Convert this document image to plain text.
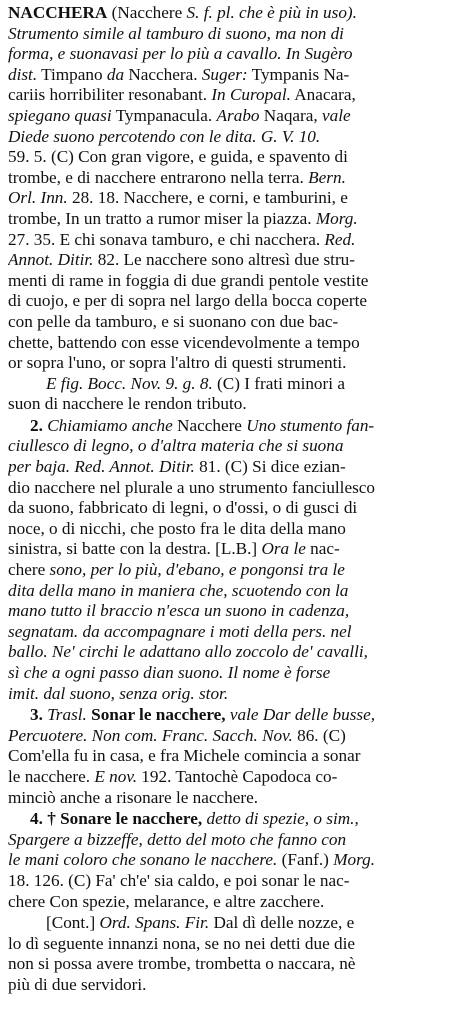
NACCHERA (Nacchere S. f. pl. che è più in uso).
Strumento simile al tamburo di suono, ma non di
forma, e suonavasi per lo più a cavallo. In Sugèro
dist. Timpano da Nacchera. Suger: Tympanis Na-
cariis horribiliter resonabant. In Curopal. Anacara,
spiegano quasi Tympanacula. Arabo Naqara, vale
Diede suono percotendo con le dita. G. V. 10.
59. 5. (C) Con gran vigore, e guida, e spavento di
trombe, e di nacchere entrarono nella terra. Bern.
Orl. Inn. 28. 18. Nacchere, e corni, e tamburini, e
trombe, In un tratto a rumor miser la piazza. Morg.
27. 35. E chi sonava tamburo, e chi nacchera. Red.
Annot. Ditir. 82. Le nacchere sono altresì due stru-
menti di rame in foggia di due grandi pentole vestite
di cuojo, e per di sopra nel largo della bocca coperte
con pelle da tamburo, e si suonano con due bac-
chette, battendo con esse vicendevolmente a tempo
or sopra l'uno, or sopra l'altro di questi strumenti.
E fig. Bocc. Nov. 9. g. 8. (C) I frati minori a
suon di nacchere le rendon tributo.
2. Chiamiamo anche Nacchere Uno stumento fan-
ciullesco di legno, o d'altra materia che si suona
per baja. Red. Annot. Ditir. 81. (C) Si dice ezian-
dio nacchere nel plurale a uno strumento fanciullesco
da suono, fabbricato di legni, o d'ossi, o di gusci di
noce, o di nicchi, che posto fra le dita della mano
sinistra, si batte con la destra. [L.B.] Ora le nac-
chere sono, per lo più, d'ebano, e pongonsi tra le
dita della mano in maniera che, scuotendo con la
mano tutto il braccio n'esca un suono in cadenza,
segnatam. da accompagnare i moti della pers. nel
ballo. Ne' circhi le adattano allo zoccolo de' cavalli,
sì che a ogni passo dian suono. Il nome è forse
imit. dal suono, senza orig. stor.
3. Trasl. Sonar le nacchere, vale Dar delle busse,
Percuotere. Non com. Franc. Sacch. Nov. 86. (C)
Com'ella fu in casa, e fra Michele comincia a sonar
le nacchere. E nov. 192. Tantochè Capodoca co-
minciò anche a risonare le nacchere.
4. † Sonare le nacchere, detto di spezie, o sim.,
Spargere a bizzeffe, detto del moto che fanno con
le mani coloro che sonano le nacchere. (Fanf.) Morg.
18. 126. (C) Fa' ch'e' sia caldo, e poi sonar le nac-
chere Con spezie, melarance, e altre zacchere.
[Cont.] Ord. Spans. Fir. Dal dì delle nozze, e
lo dì seguente innanzi nona, se no nei detti due die
non si possa avere trombe, trombetta o naccara, nè
più di due servidori.
